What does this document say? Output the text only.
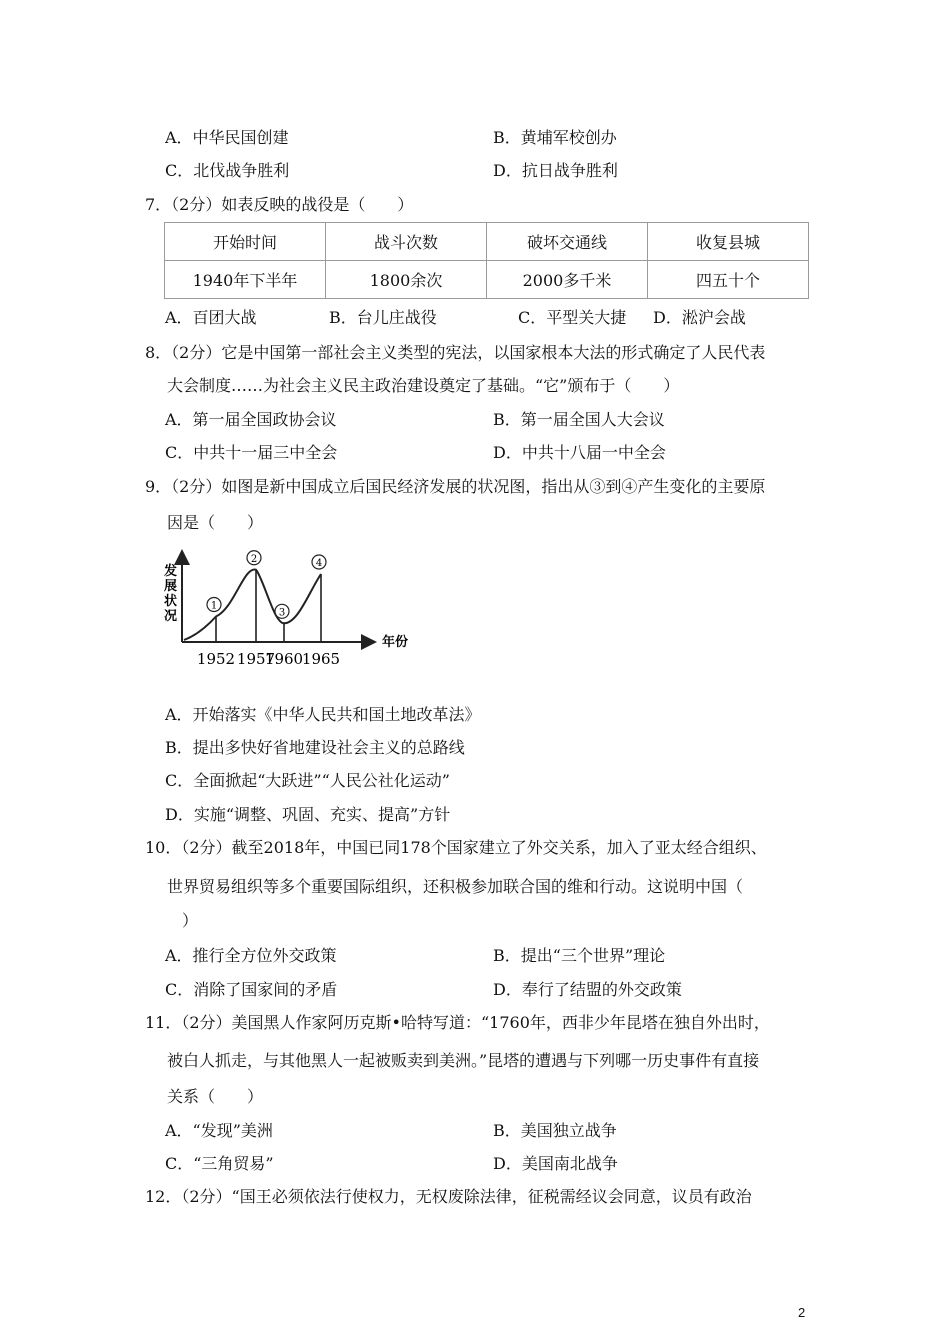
A．中华民国创建	B．黄埔军校创办
C．北伐战争胜利	D．抗日战争胜利
7．（2分）如表反映的战役是（　　）
开始时间	战斗次数	破坏交通线	收复县城
1940年下半年	1800余次	2000多千米	四五十个
A．百团大战	B．台儿庄战役	C．平型关大捷 D．淞沪会战
8．（2分）它是中国第一部社会主义类型的宪法，以国家根本大法的形式确定了人民代表
大会制度……为社会主义民主政治建设奠定了基础。“它”颁布于（　　）
A．第一届全国政协会议	B．第一届全国人大会议
C．中共十一届三中全会	D．中共十八届一中全会
9．（2分）如图是新中国成立后国民经济发展的状况图，指出从③到④产生变化的主要原
因是（　　）
发展状况
年份
1
1952
2
1957
3
1960
4
1965
A．开始落实《中华人民共和国土地改革法》
B．提出多快好省地建设社会主义的总路线
C．全面掀起“大跃进”“人民公社化运动”
D．实施“调整、巩固、充实、提高”方针
10．（2分）截至2018年，中国已同178个国家建立了外交关系，加入了亚太经合组织、
世界贸易组织等多个重要国际组织，还积极参加联合国的维和行动。这说明中国（
）
A．推行全方位外交政策	B．提出“三个世界”理论
C．消除了国家间的矛盾	D．奉行了结盟的外交政策
11．（2分）美国黑人作家阿历克斯•哈特写道：“1760年，西非少年昆塔在独自外出时，
被白人抓走，与其他黑人一起被贩卖到美洲。”昆塔的遭遇与下列哪一历史事件有直接
关系（　　）
A．“发现”美洲	B．美国独立战争
C．“三角贸易”	D．美国南北战争
12．（2分）“国王必须依法行使权力，无权废除法律，征税需经议会同意，议员有政治
2
